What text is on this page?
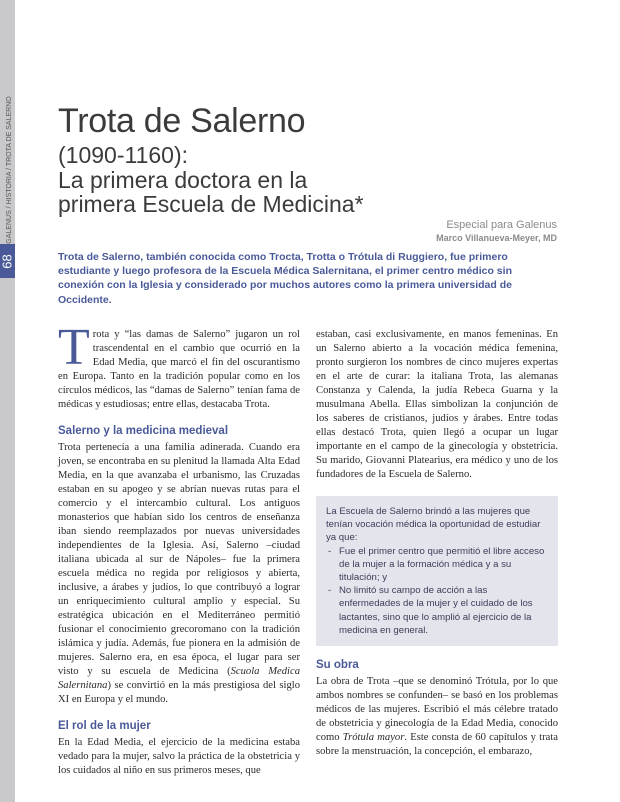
68
GALENUS / HISTORIA / TROTA DE SALERNO Trota de Salerno
(1090-1160):
La primera doctora en la
primera Escuela de Medicina*
Especial para Galenus
Marco Villanueva-Meyer, MD
Trota de Salerno, también conocida como Trocta, Trotta o Trótula di Ruggiero, fue primero estudiante y luego profesora de la Escuela Médica Salernitana, el primer centro médico sin conexión con la Iglesia y considerado por muchos autores como la primera universidad de Occidente.

Trota y “las damas de Salerno” jugaron un rol trascendental en el cambio que ocurrió en la Edad Media, que marcó el fin del oscurantismo en Europa. Tanto en la tradición popular como en los círculos médicos, las “damas de Salerno” tenían fama de médicas y estudiosas; entre ellas, destacaba Trota.

Salerno y la medicina medieval

Trota pertenecía a una familia adinerada. Cuando era joven, se encontraba en su plenitud la llamada Alta Edad Media, en la que avanzaba el urbanismo, las Cruzadas estaban en su apogeo y se abrían nuevas rutas para el comercio y el intercambio cultural. Los antiguos monasterios que habían sido los centros de enseñanza iban siendo reemplazados por nuevas universidades independientes de la Iglesia. Así, Salerno –ciudad italiana ubicada al sur de Nápoles– fue la primera escuela médica no regida por religiosos y abierta, inclusive, a árabes y judíos, lo que contribuyó a lograr un enriquecimiento cultural amplio y especial. Su estratégica ubicación en el Mediterráneo permitió fusionar el conocimiento grecoromano con la tradición islámica y judía. Además, fue pionera en la admisión de mujeres. Salerno era, en esa época, el lugar para ser visto y su escuela de Medicina (Scuola Medica Salernitana) se convirtió en la más prestigiosa del siglo XI en Europa y el mundo.

El rol de la mujer

En la Edad Media, el ejercicio de la medicina estaba vedado para la mujer, salvo la práctica de la obstetricia y los cuidados al niño en sus primeros meses, que

estaban, casi exclusivamente, en manos femeninas. En un Salerno abierto a la vocación médica femenina, pronto surgieron los nombres de cinco mujeres expertas en el arte de curar: la italiana Trota, las alemanas Constanza y Calenda, la judía Rebeca Guarna y la musulmana Abella. Ellas simbolizan la conjunción de los saberes de cristianos, judíos y árabes. Entre todas ellas destacó Trota, quien llegó a ocupar un lugar importante en el campo de la ginecología y obstetricia. Su marido, Giovanni Platearius, era médico y uno de los fundadores de la Escuela de Salerno.

La Escuela de Salerno brindó a las mujeres que tenían vocación médica la oportunidad de estudiar ya que:
- Fue el primer centro que permitió el libre acceso de la mujer a la formación médica y a su titulación; y
- No limitó su campo de acción a las enfermedades de la mujer y el cuidado de los lactantes, sino que lo amplió al ejercicio de la medicina en general.
Su obra

La obra de Trota –que se denominó Trótula, por lo que ambos nombres se confunden– se basó en los problemas médicos de las mujeres. Escribió el más célebre tratado de obstetricia y ginecología de la Edad Media, conocido como Trótula mayor. Este consta de 60 capítulos y trata sobre la menstruación, la concepción, el embarazo,
